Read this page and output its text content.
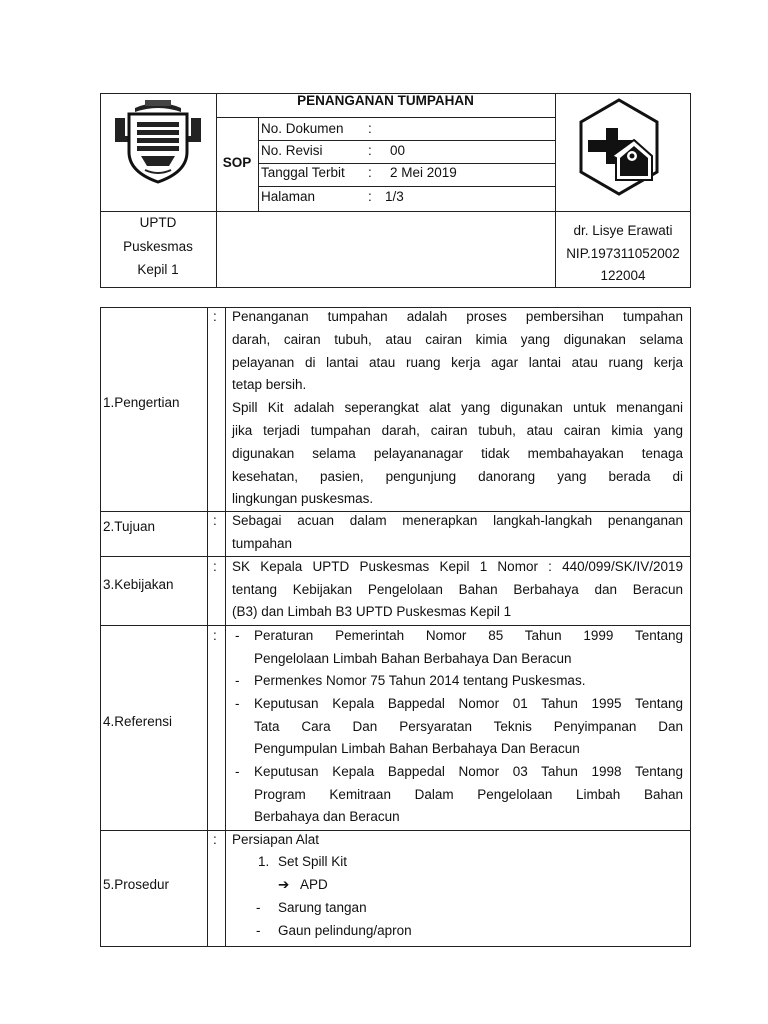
PENANGANAN TUMPAHAN
SOP
No. Dokumen :
No. Revisi	: 00
Tanggal Terbit : 2 Mei 2019
Halaman	: 1/3
UPTD
Puskesmas
Kepil 1
dr. Lisye Erawati
NIP.197311052002
122004
1.Pengertian
: Penanganan tumpahan adalah proses pembersihan tumpahan
darah, cairan tubuh, atau cairan kimia yang digunakan selama
pelayanan di lantai atau ruang kerja agar lantai atau ruang kerja
tetap bersih.
Spill Kit adalah seperangkat alat yang digunakan untuk menangani
jika terjadi tumpahan darah, cairan tubuh, atau cairan kimia yang
digunakan selama pelayananagar tidak membahayakan tenaga
kesehatan, pasien, pengunjung danorang yang berada di
lingkungan puskesmas.
2.Tujuan	: Sebagai acuan dalam menerapkan langkah-langkah penanganan
tumpahan
3.Kebijakan
: SK Kepala UPTD Puskesmas Kepil 1 Nomor : 440/099/SK/IV/2019
tentang Kebijakan Pengelolaan Bahan Berbahaya dan Beracun
(B3) dan Limbah B3 UPTD Puskesmas Kepil 1
4.Referensi
: - Peraturan Pemerintah Nomor 85 Tahun 1999 Tentang
Pengelolaan Limbah Bahan Berbahaya Dan Beracun
- Permenkes Nomor 75 Tahun 2014 tentang Puskesmas.
- Keputusan Kepala Bappedal Nomor 01 Tahun 1995 Tentang
Tata Cara Dan Persyaratan Teknis Penyimpanan Dan
Pengumpulan Limbah Bahan Berbahaya Dan Beracun
- Keputusan Kepala Bappedal Nomor 03 Tahun 1998 Tentang
Program Kemitraan Dalam Pengelolaan Limbah Bahan
Berbahaya dan Beracun
5.Prosedur
: Persiapan Alat
1. Set Spill Kit
➔ APD
- Sarung tangan
- Gaun pelindung/apron
